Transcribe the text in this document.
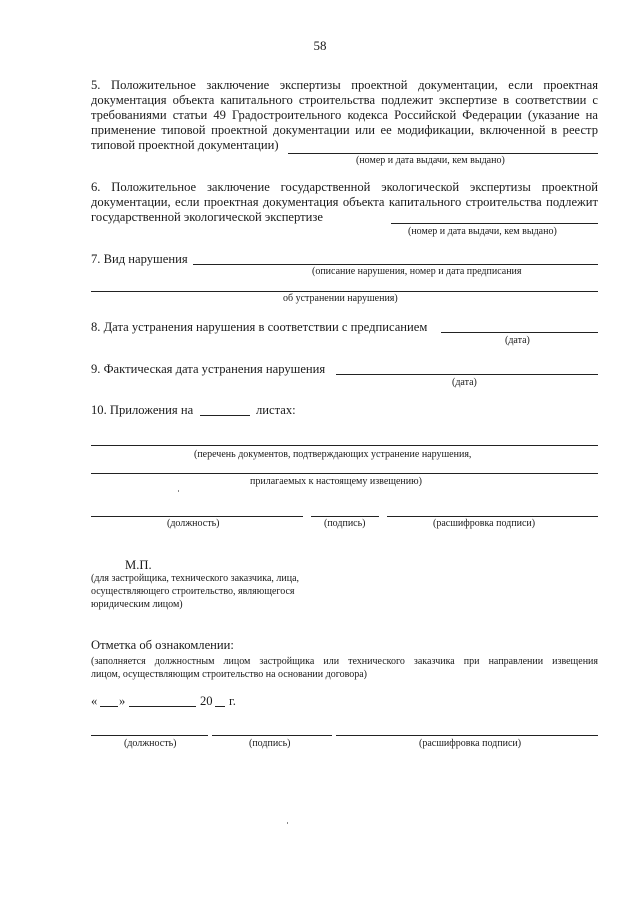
58

5. Положительное заключение экспертизы проектной документации, если проектная документация объекта капитального строительства подлежит экспертизе в соответствии с требованиями статьи 49 Градостроительного кодекса Российской Федерации (указание на применение типовой проектной документации или ее модификации, включенной в реестр типовой проектной документации)

(номер и дата выдачи, кем выдано)

6. Положительное заключение государственной экологической экспертизы проектной документации, если проектная документация объекта капитального строительства подлежит государственной экологической экспертизе

(номер и дата выдачи, кем выдано)
7. Вид нарушения
(описание нарушения, номер и дата предписания
об устранении нарушения)
8. Дата устранения нарушения в соответствии с предписанием
(дата)
9. Фактическая дата устранения нарушения
(дата)
10. Приложения на	листах:
(перечень документов, подтверждающих устранение нарушения,
прилагаемых к настоящему извещению)
(должность)	(подпись)	(расшифровка подписи)
М.П.
(для застройщика, технического заказчика, лица,
осуществляющего строительство, являющегося
юридическим лицом)
Отметка об ознакомлении:
(заполняется должностным лицом застройщика или технического заказчика при направлении извещения
лицом, осуществляющим строительство на основании договора)
« »	20 г.
(должность)	(подпись)	(расшифровка подписи)
